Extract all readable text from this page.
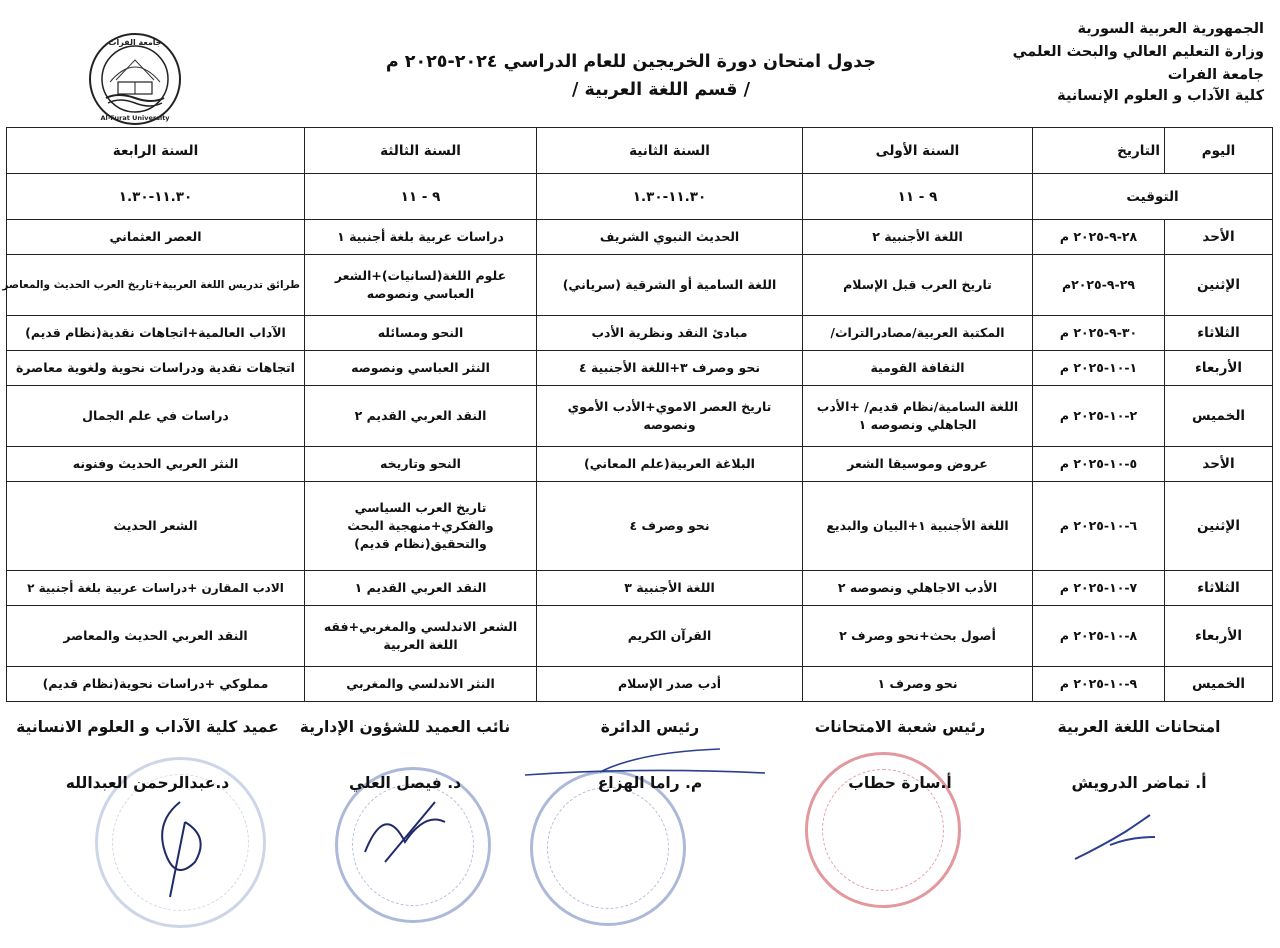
الجمهورية العربية السورية
وزارة التعليم العالي والبحث العلمي
جامعة الفرات
كلية الآداب و العلوم الإنسانية
جدول امتحان دورة الخريجين للعام الدراسي ٢٠٢٤-٢٠٢٥ م
/ قسم اللغة العربية /
جامعة الفرات
Al-Furat University
اليوم	التاريخ	السنة الأولى	السنة الثانية	السنة الثالثة	السنة الرابعة
التوقيت		٩ - ١١	١١.٣٠-١.٣٠	٩ - ١١	١١.٣٠-١.٣٠
الأحد	٢٨-٩-٢٠٢٥ م	اللغة الأجنبية ٢	الحديث النبوي الشريف	دراسات عربية بلغة أجنبية ١	العصر العثماني
الإثنين	٢٩-٩-٢٠٢٥م	تاريخ العرب قبل الإسلام	اللغة السامية أو الشرقية (سرياني)	علوم اللغة(لسانيات)+الشعر العباسي ونصوصه	طرائق تدريس اللغة العربية+تاريخ العرب الحديث والمعاصر
الثلاثاء	٣٠-٩-٢٠٢٥ م	المكتبة العربية/مصادرالتراث/	مبادئ النقد ونظرية الأدب	النحو ومسائله	الآداب العالمية+اتجاهات نقدية(نظام قديم)
الأربعاء	١-١٠-٢٠٢٥ م	الثقافة القومية	نحو وصرف ٣+اللغة الأجنبية ٤	النثر العباسي ونصوصه	اتجاهات نقدية ودراسات نحوية ولغوية معاصرة
الخميس	٢-١٠-٢٠٢٥ م	اللغة السامية/نظام قديم/ +الأدب الجاهلي ونصوصه ١	تاريخ العصر الاموي+الأدب الأموي ونصوصه	النقد العربي القديم ٢	دراسات في علم الجمال
الأحد	٥-١٠-٢٠٢٥ م	عروض وموسيقا الشعر	البلاغة العربية(علم المعاني)	النحو وتاريخه	النثر العربي الحديث وفنونه
الإثنين	٦-١٠-٢٠٢٥ م	اللغة الأجنبية ١+البيان والبديع	نحو وصرف ٤	تاريخ العرب السياسي والفكري+منهجية البحث والتحقيق(نظام قديم)	الشعر الحديث
الثلاثاء	٧-١٠-٢٠٢٥ م	الأدب الاجاهلي ونصوصه ٢	اللغة الأجنبية ٣	النقد العربي القديم ١	الادب المقارن +دراسات عربية بلغة أجنبية ٢
الأربعاء	٨-١٠-٢٠٢٥ م	أصول بحث+نحو وصرف ٢	القرآن الكريم	الشعر الاندلسي والمغربي+فقه اللغة العربية	النقد العربي الحديث والمعاصر
الخميس	٩-١٠-٢٠٢٥ م	نحو وصرف ١	أدب صدر الإسلام	النثر الاندلسي والمغربي	مملوكي +دراسات نحوية(نظام قديم)
امتحانات اللغة العربية
أ. تماضر الدرويش
رئيس شعبة الامتحانات
أ.سارة حطاب
رئيس الدائرة
م. راما الهزاع
نائب العميد للشؤون الإدارية
د. فيصل العلي
عميد كلية الآداب و العلوم الانسانية
د.عبدالرحمن العبدالله
